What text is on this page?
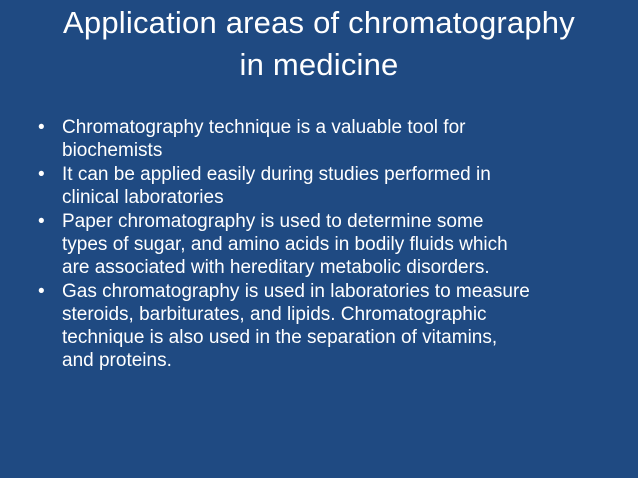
Application areas of chromatography
in medicine
• Chromatography technique is a valuable tool for
biochemists
• It can be applied easily during studies performed in
clinical laboratories
• Paper chromatography is used to determine some
types of sugar, and amino acids in bodily fluids which
are associated with hereditary metabolic disorders.
• Gas chromatography is used in laboratories to measure
steroids, barbiturates, and lipids. Chromatographic
technique is also used in the separation of vitamins,
and proteins.
